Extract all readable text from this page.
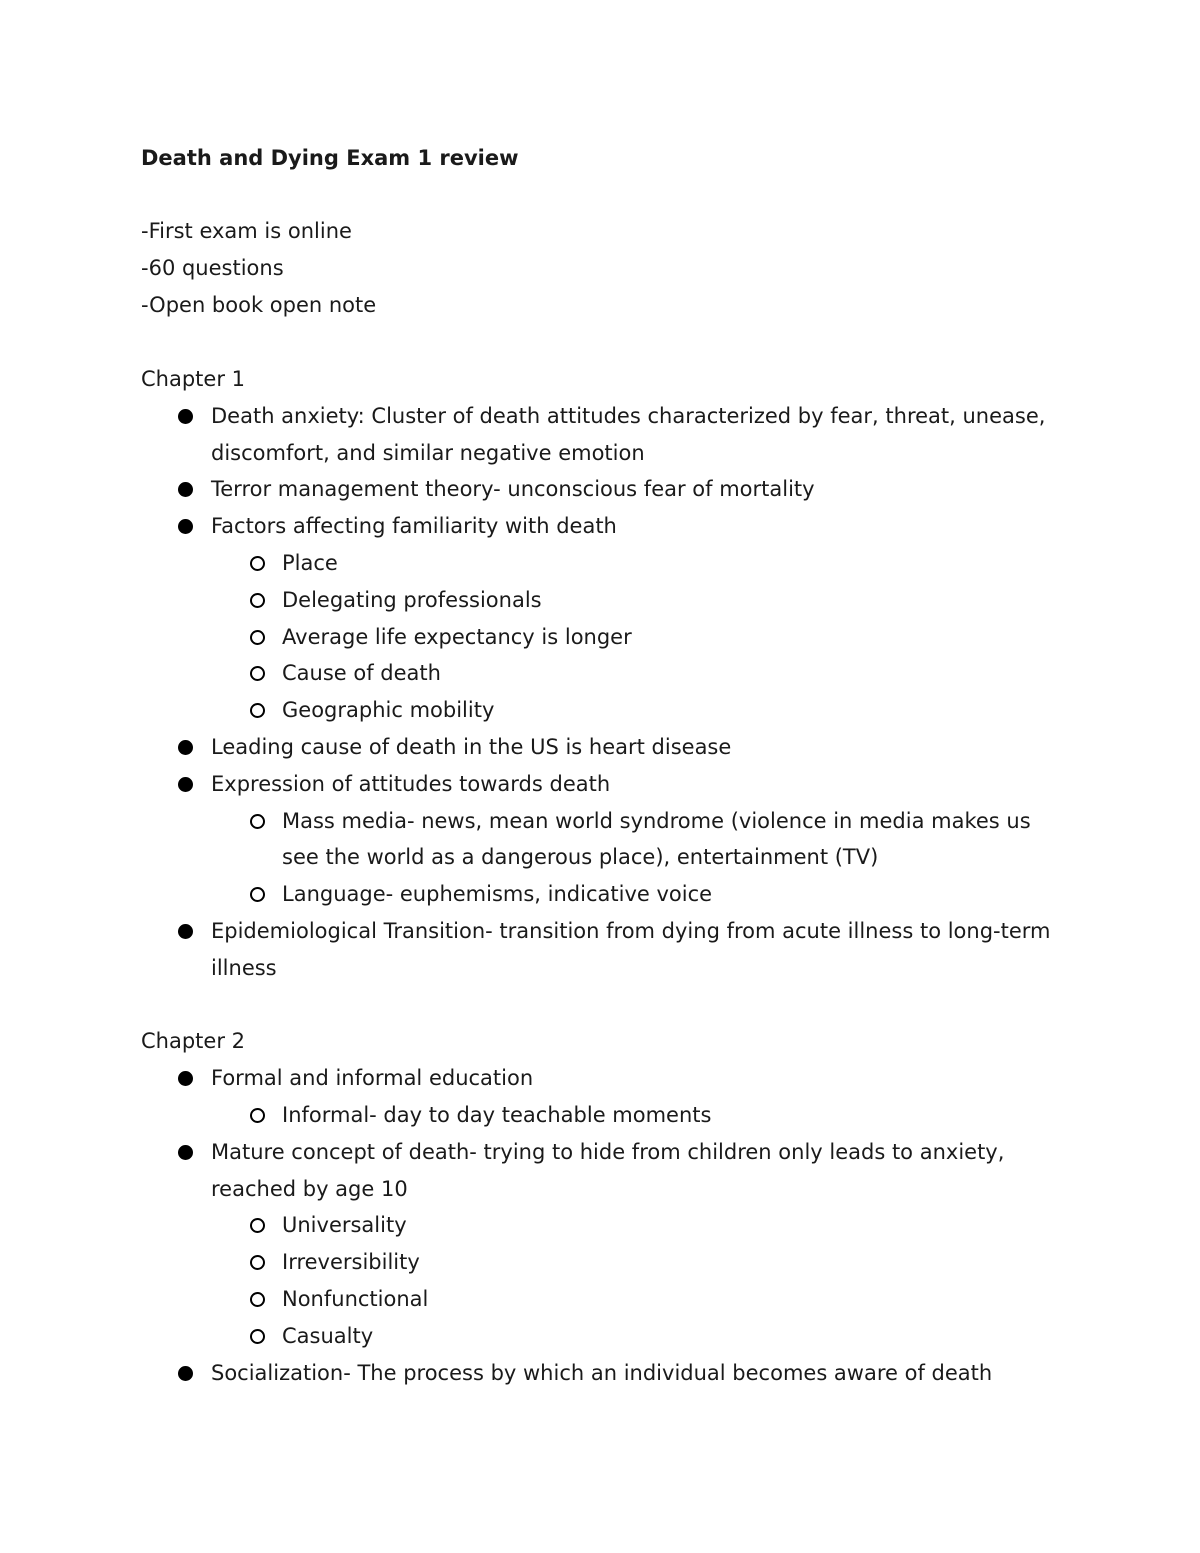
Death and Dying Exam 1 review
-First exam is online
-60 questions
-Open book open note
Chapter 1
Death anxiety: Cluster of death attitudes characterized by fear, threat, unease,
discomfort, and similar negative emotion
Terror management theory- unconscious fear of mortality
Factors affecting familiarity with death
Place
Delegating professionals
Average life expectancy is longer
Cause of death
Geographic mobility
Leading cause of death in the US is heart disease
Expression of attitudes towards death
Mass media- news, mean world syndrome (violence in media makes us
see the world as a dangerous place), entertainment (TV)
Language- euphemisms, indicative voice
Epidemiological Transition- transition from dying from acute illness to long-term
illness
Chapter 2
Formal and informal education
Informal- day to day teachable moments
Mature concept of death- trying to hide from children only leads to anxiety,
reached by age 10
Universality
Irreversibility
Nonfunctional
Casualty
Socialization- The process by which an individual becomes aware of death
